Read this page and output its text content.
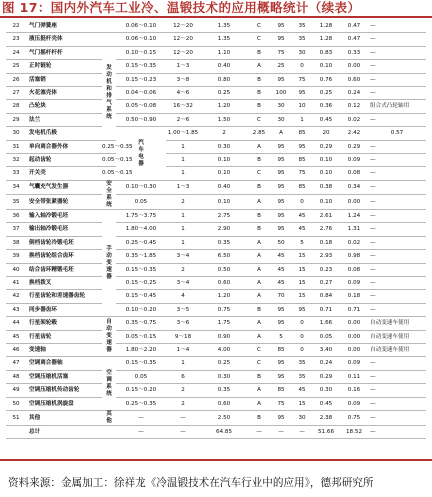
图 17：国内外汽车工业冷、温锻技术的应用概略统计（续表）
22	气门弹簧座		0.06～0.10	12～20	1.35	C	95	35	1.28	0.47	—	
23	液压挺杆壳体		0.06～0.10	12～20	1.35	C	95	35	1.28	0.47	—	
24	气门摇杆杆杆	发动机和排气系统	0.10～0.15	12～20	1.10	B	75	30	0.83	0.33	—	
25	正时链轮		0.15～0.35	1～3	0.40	A	25	0	0.10	0.00	—	
26	活塞销		0.15～0.23	3～8	0.80	B	95	75	0.76	0.60	—	
27	火花塞壳体		0.04～0.06	4～6	0.25	B	100	95	0.25	0.24	—	
28	凸轮块		0.05～0.08	16～32	1.20	B	30	10	0.36	0.12	组合式凸轮轴用	
29	法兰		0.50～0.90	2～6	1.50	C	30	1	0.45	0.02	—	
30	发电机爪极		汽车电器	1.00～1.85	2	2.85	A	85	20	2.42	0.57	
31	单向离合器外体	0.25～0.35		1	0.30	A	95	95	0.29	0.29	—	
32	起动齿轮	0.05～0.15		1	0.10	B	95	85	0.10	0.09	—	
33	开关壳	0.05～0.15		1	0.10	C	95	75	0.10	0.08	—	
34	气囊充气发生器	安全系统	0.10～0.30	1～3	0.40	B	95	85	0.38	0.34	—	
35	安全带张紧器轮		0.05	2	0.10	A	95	0	0.10	0.00	—	
36	输入轴冷锻毛坯	手动变速器	1.75～3.75	1	2.75	B	95	45	2.61	1.24	—	
37	输出轴冷锻毛坯		1.80～4.00	1	2.90	B	95	45	2.76	1.31	—	
38	倒档齿轮冷锻毛坯		0.25～0.45	1	0.35	A	50	5	0.18	0.02	—	
39	换档齿轮组合齿环		0.35～1.85	3～4	6.50	A	45	15	2.93	0.98	—	
40	结合齿环精锻毛坯		0.15～0.35	2	0.50	A	45	15	0.23	0.08	—	
41	换档拨叉		0.15～0.25	3～4	0.60	A	45	15	0.27	0.09	—	
42	行星齿轮和差速器齿轮		0.15～0.45	4	1.20	A	70	15	0.84	0.18	—	
43	同步器齿环		0.10～0.20	3～5	0.75	B	95	95	0.71	0.71	—	
44	行星架轮毂	自动变速器	0.35～0.75	3～6	1.75	A	95	0	1.66	0.00	自动变速车使用	
45	行星齿轮		0.05～0.15	9～18	0.90	A	5	0	0.05	0.00	自动变速车使用	
46	变速轴		1.80～2.20	1～4	4.00	C	85	0	3.40	0.00	自动变速车使用	
47	空调离合器轴	空调系统	0.15～0.35	1	0.25	C	95	35	0.24	0.09	—	
48	空调压缩机活塞		0.05	6	0.30	B	95	35	0.29	0.11	—	
49	空调压缩机传动齿轮		0.15～0.20	2	0.35	A	85	45	0.30	0.16	—	
50	空调压缩机涡旋盘		0.25～0.35	2	0.60	A	75	15	0.45	0.09	—	
51	其他	其他	—	—	2.50	B	95	30	2.38	0.75	—	
	总计		—	—	64.85	—	—	—	51.66	18.52	—	
资料来源：金属加工：徐祥龙《冷温锻技术在汽车行业中的应用》，德邦研究所
